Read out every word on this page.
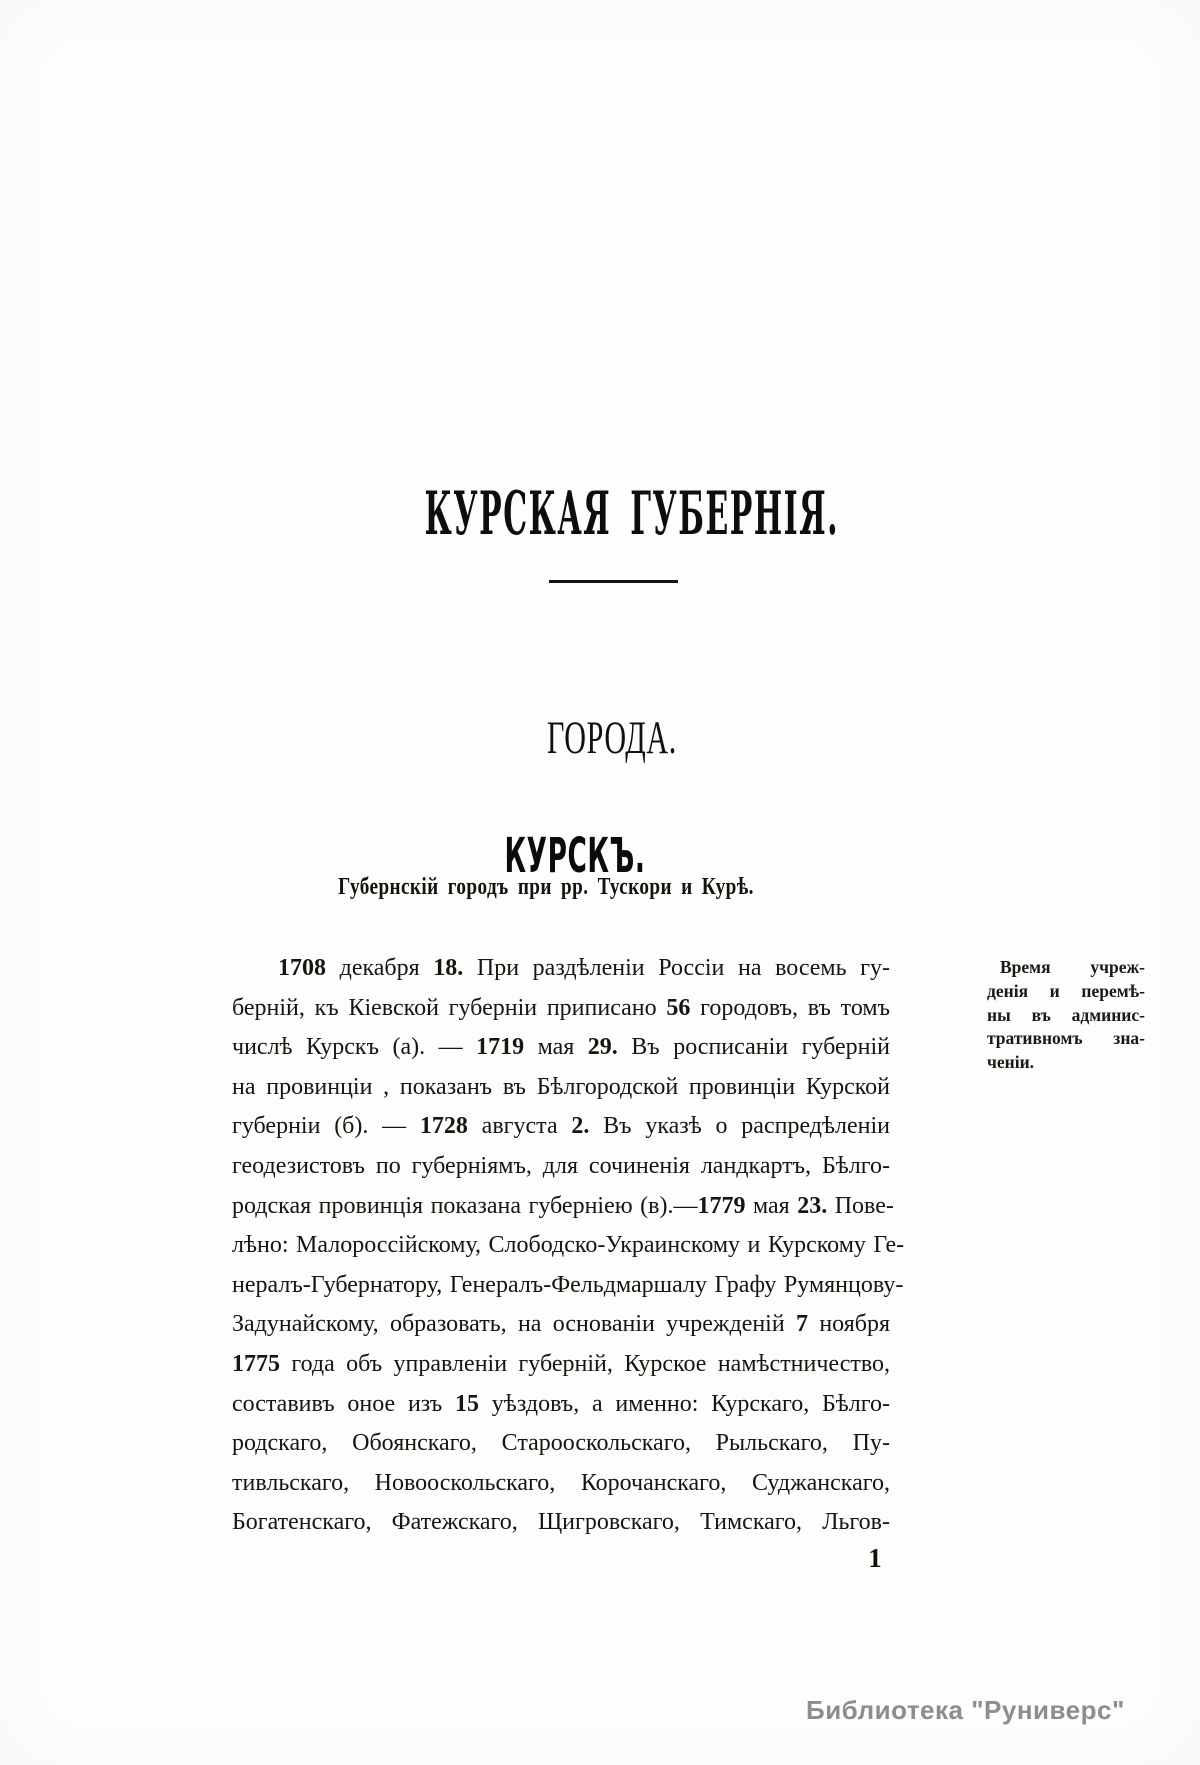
КУРСКАЯ ГУБЕРНІЯ.
ГОРОДА.
КУРСКЪ.
Губернскій городъ при рр. Тускори и Курѣ.
1708 декабря 18. При раздѣленіи Россіи на восемь гу-
берній, къ Кіевской губерніи приписано 56 городовъ, въ томъ
числѣ Курскъ (а). — 1719 мая 29. Въ росписаніи губерній
на провинціи , показанъ въ Бѣлгородской провинціи Курской
губерніи (б). — 1728 августа 2. Въ указѣ о распредѣленіи
геодезистовъ по губерніямъ, для сочиненія ландкартъ, Бѣлго-
родская провинція показана губерніею (в).—1779 мая 23. Пове-
лѣно: Малороссійскому, Слободско-Украинскому и Курскому Ге-
нералъ-Губернатору, Генералъ-Фельдмаршалу Графу Румянцову-
Задунайскому, образовать, на основаніи учрежденій 7 ноября
1775 года объ управленіи губерній, Курское намѣстничество,
составивъ оное изъ 15 уѣздовъ, а именно: Курскаго, Бѣлго-
родскаго, Обоянскаго, Старооскольскаго, Рыльскаго, Пу-
тивльскаго, Новооскольскаго, Корочанскаго, Суджанскаго,
Богатенскаго, Фатежскаго, Щигровскаго, Тимскаго, Льгов-
Время учреж-
денія и перемѣ-
ны въ админис-
тративномъ зна-
ченіи.
1
Библиотека "Руниверс"
